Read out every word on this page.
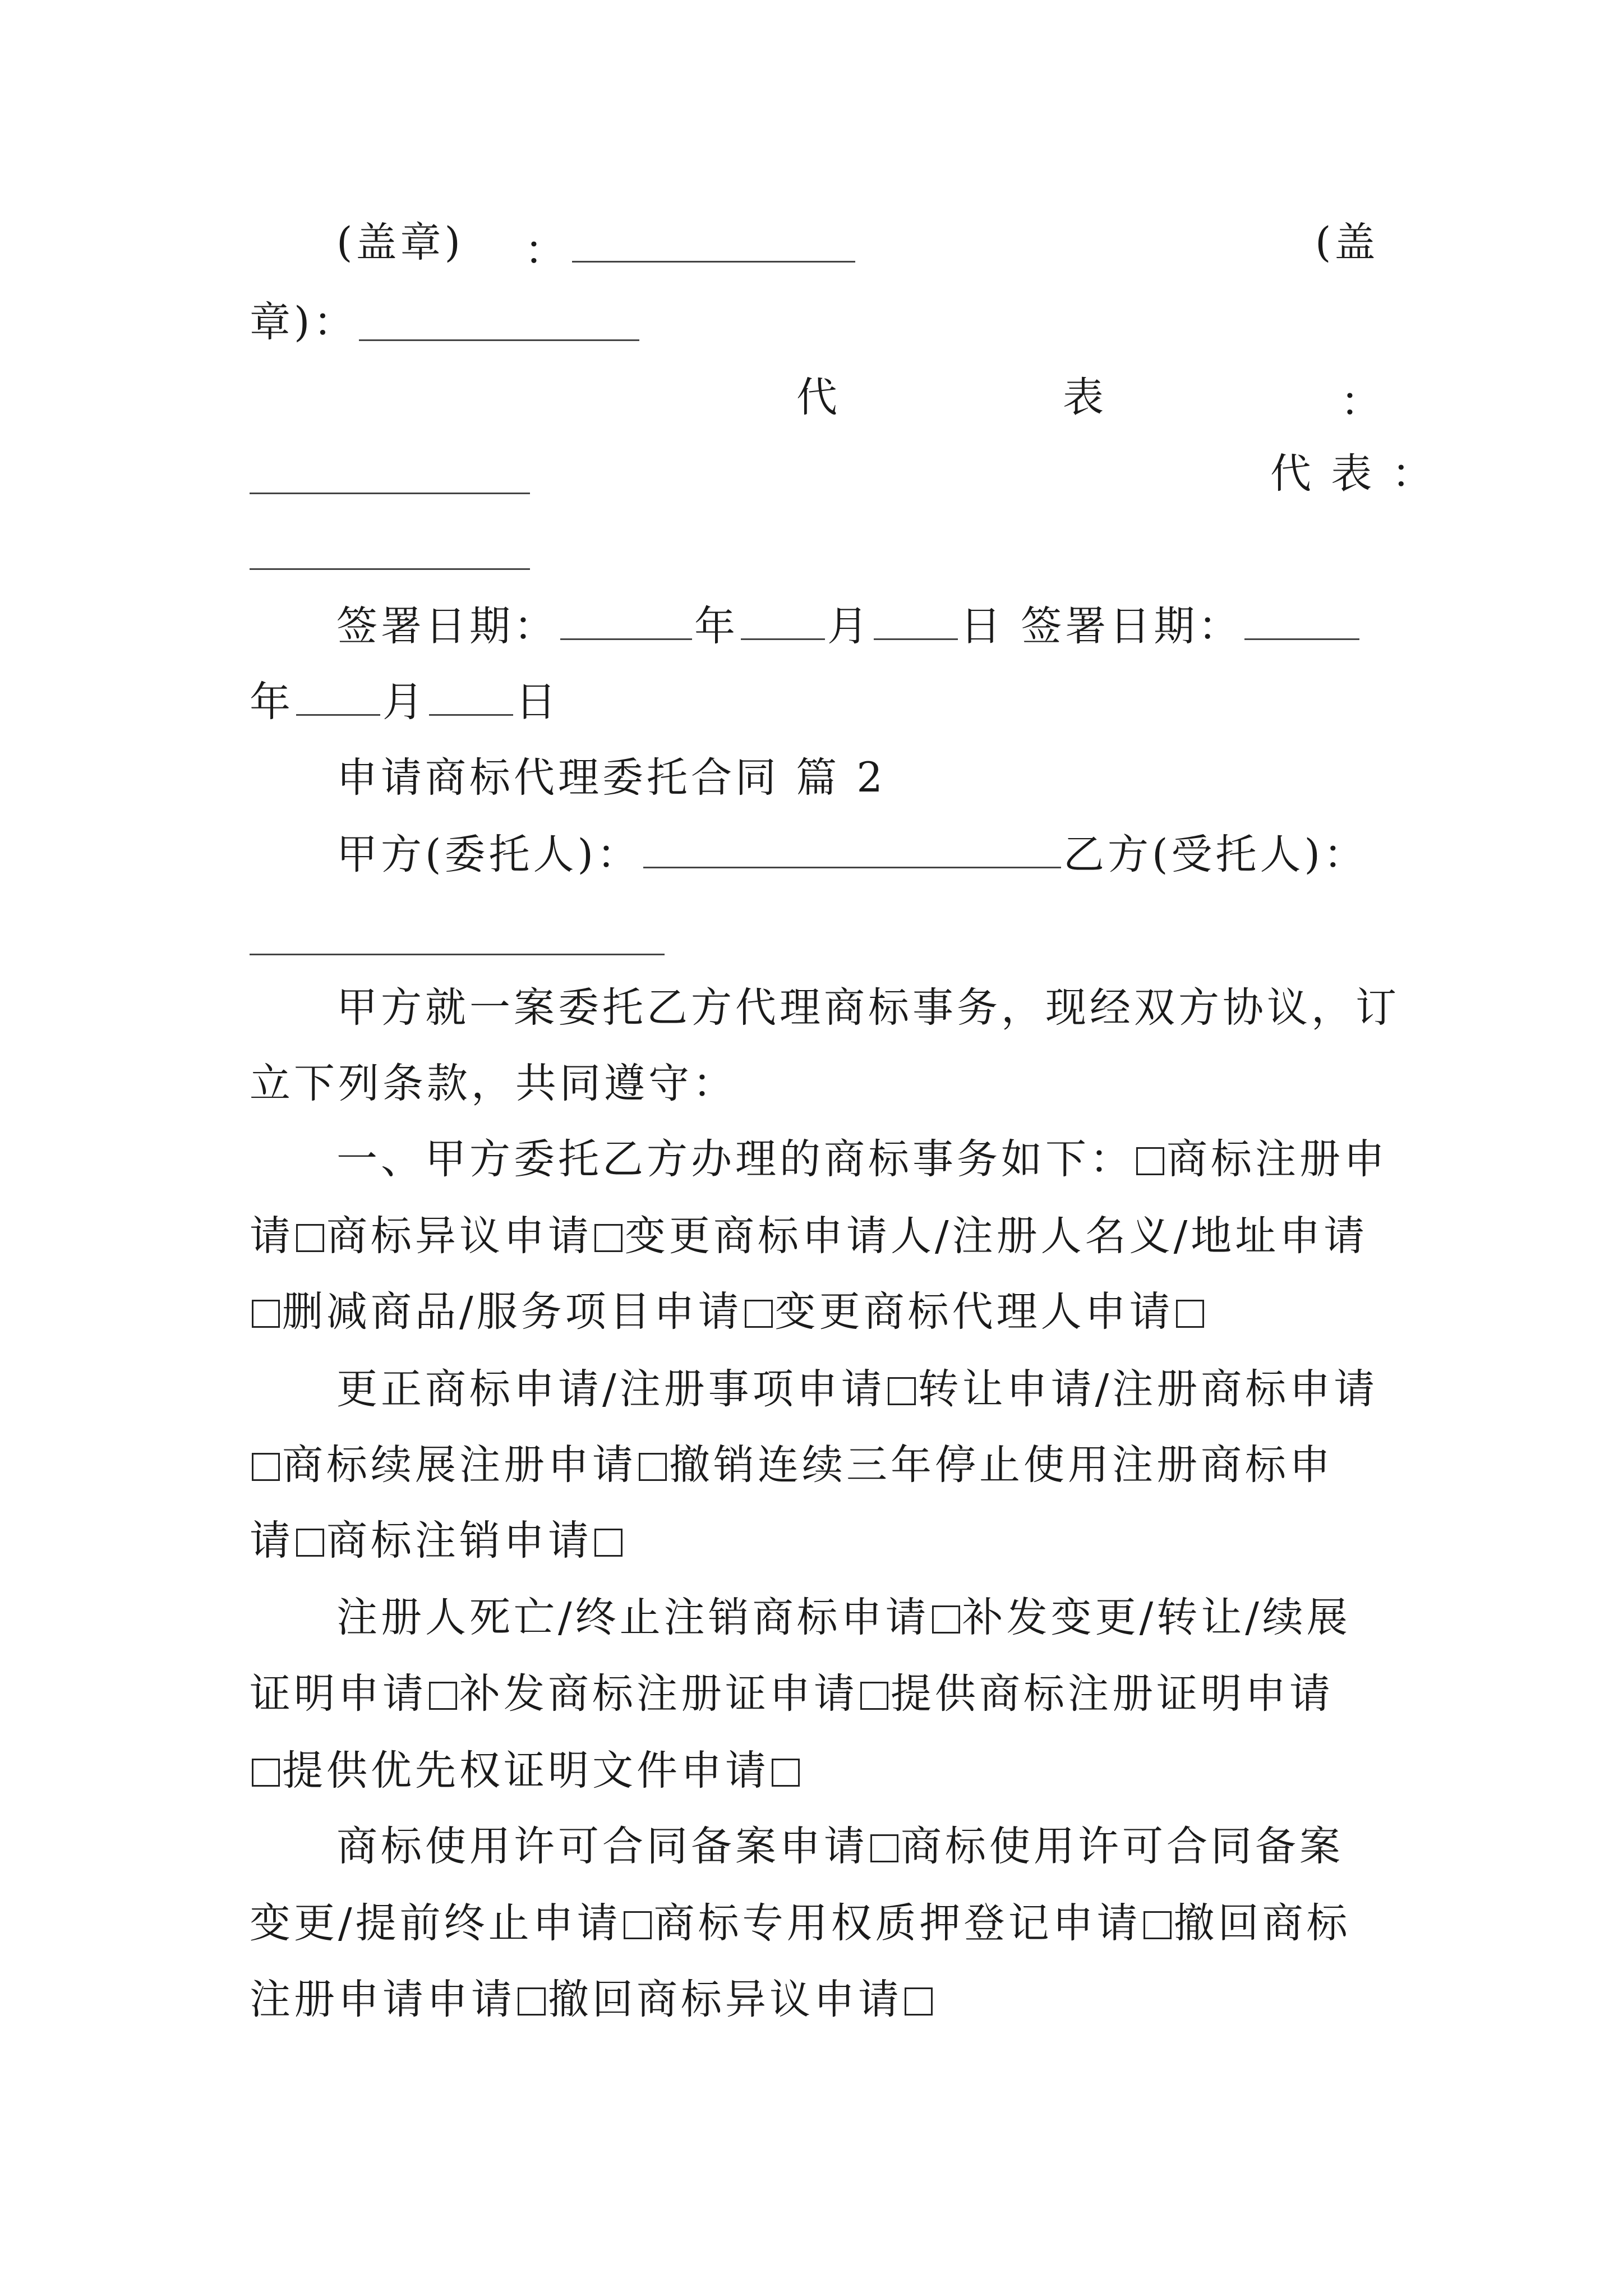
(盖章) ：	(盖
章)：
代	表	：
代 表 ：
签署日期：	年 月 日 签署日期：
年 月 日
申请商标代理委托合同 篇 2
甲方(委托人)：	乙方(受托人)：
甲方就一案委托乙方代理商标事务，现经双方协议，订
立下列条款，共同遵守：
一、甲方委托乙方办理的商标事务如下： 商标注册申
请 商标异议申请 变更商标申请人/注册人名义/地址申请
删减商品/服务项目申请 变更商标代理人申请
更正商标申请/注册事项申请 转让申请/注册商标申请
商标续展注册申请 撤销连续三年停止使用注册商标申
请 商标注销申请
注册人死亡/终止注销商标申请 补发变更/转让/续展
证明申请 补发商标注册证申请 提供商标注册证明申请
提供优先权证明文件申请
商标使用许可合同备案申请 商标使用许可合同备案
变更/提前终止申请 商标专用权质押登记申请 撤回商标
注册申请申请 撤回商标异议申请
